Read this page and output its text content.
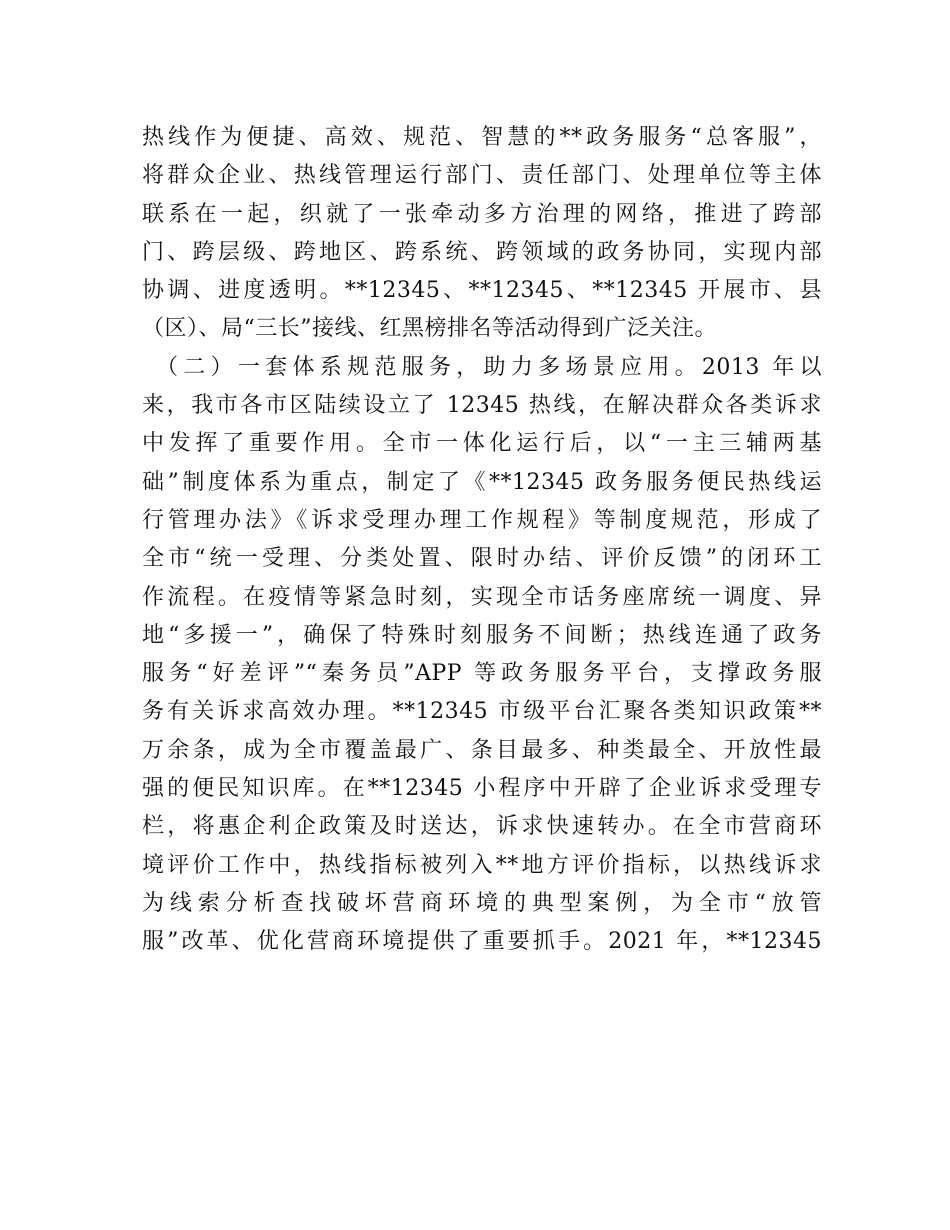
热线作为便捷、高效、规范、智慧的**政务服务“总客服”，
将群众企业、热线管理运行部门、责任部门、处理单位等主体
联系在一起，织就了一张牵动多方治理的网络，推进了跨部
门、跨层级、跨地区、跨系统、跨领域的政务协同，实现内部
协调、进度透明。**12345、**12345、**12345 开展市、县
（区）、局“三长”接线、红黑榜排名等活动得到广泛关注。
（二）一套体系规范服务，助力多场景应用。2013 年以
来，我市各市区陆续设立了 12345 热线，在解决群众各类诉求
中发挥了重要作用。全市一体化运行后，以“一主三辅两基
础”制度体系为重点，制定了《**12345 政务服务便民热线运
行管理办法》《诉求受理办理工作规程》等制度规范，形成了
全市“统一受理、分类处置、限时办结、评价反馈”的闭环工
作流程。在疫情等紧急时刻，实现全市话务座席统一调度、异
地“多援一”，确保了特殊时刻服务不间断；热线连通了政务
服务“好差评”“秦务员”APP 等政务服务平台，支撑政务服
务有关诉求高效办理。**12345 市级平台汇聚各类知识政策**
万余条，成为全市覆盖最广、条目最多、种类最全、开放性最
强的便民知识库。在**12345 小程序中开辟了企业诉求受理专
栏，将惠企利企政策及时送达，诉求快速转办。在全市营商环
境评价工作中，热线指标被列入**地方评价指标，以热线诉求
为线索分析查找破坏营商环境的典型案例，为全市“放管
服”改革、优化营商环境提供了重要抓手。2021 年，**12345
